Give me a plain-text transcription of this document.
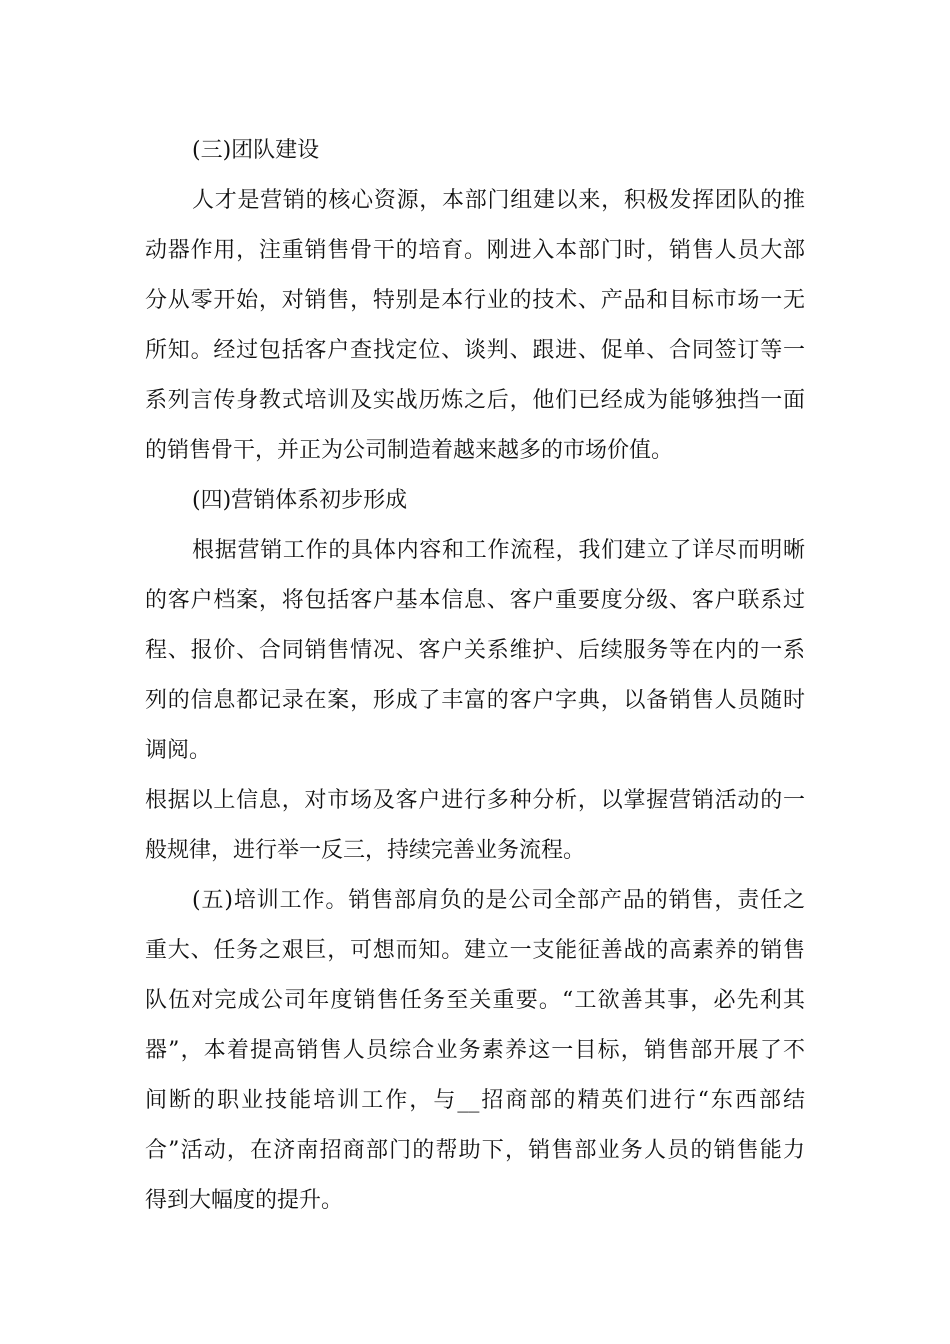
(三)团队建设
人才是营销的核心资源，本部门组建以来，积极发挥团队的推
动器作用，注重销售骨干的培育。刚进入本部门时，销售人员大部
分从零开始，对销售，特别是本行业的技术、产品和目标市场一无
所知。经过包括客户查找定位、谈判、跟进、促单、合同签订等一
系列言传身教式培训及实战历炼之后，他们已经成为能够独挡一面
的销售骨干，并正为公司制造着越来越多的市场价值。
(四)营销体系初步形成
根据营销工作的具体内容和工作流程，我们建立了详尽而明晰
的客户档案，将包括客户基本信息、客户重要度分级、客户联系过
程、报价、合同销售情况、客户关系维护、后续服务等在内的一系
列的信息都记录在案，形成了丰富的客户字典，以备销售人员随时
调阅。
根据以上信息，对市场及客户进行多种分析，以掌握营销活动的一
般规律，进行举一反三，持续完善业务流程。
(五)培训工作。销售部肩负的是公司全部产品的销售，责任之
重大、任务之艰巨，可想而知。建立一支能征善战的高素养的销售
队伍对完成公司年度销售任务至关重要。“工欲善其事，必先利其
器”，本着提高销售人员综合业务素养这一目标，销售部开展了不
间断的职业技能培训工作，与__招商部的精英们进行“东西部结
合”活动，在济南招商部门的帮助下，销售部业务人员的销售能力
得到大幅度的提升。
